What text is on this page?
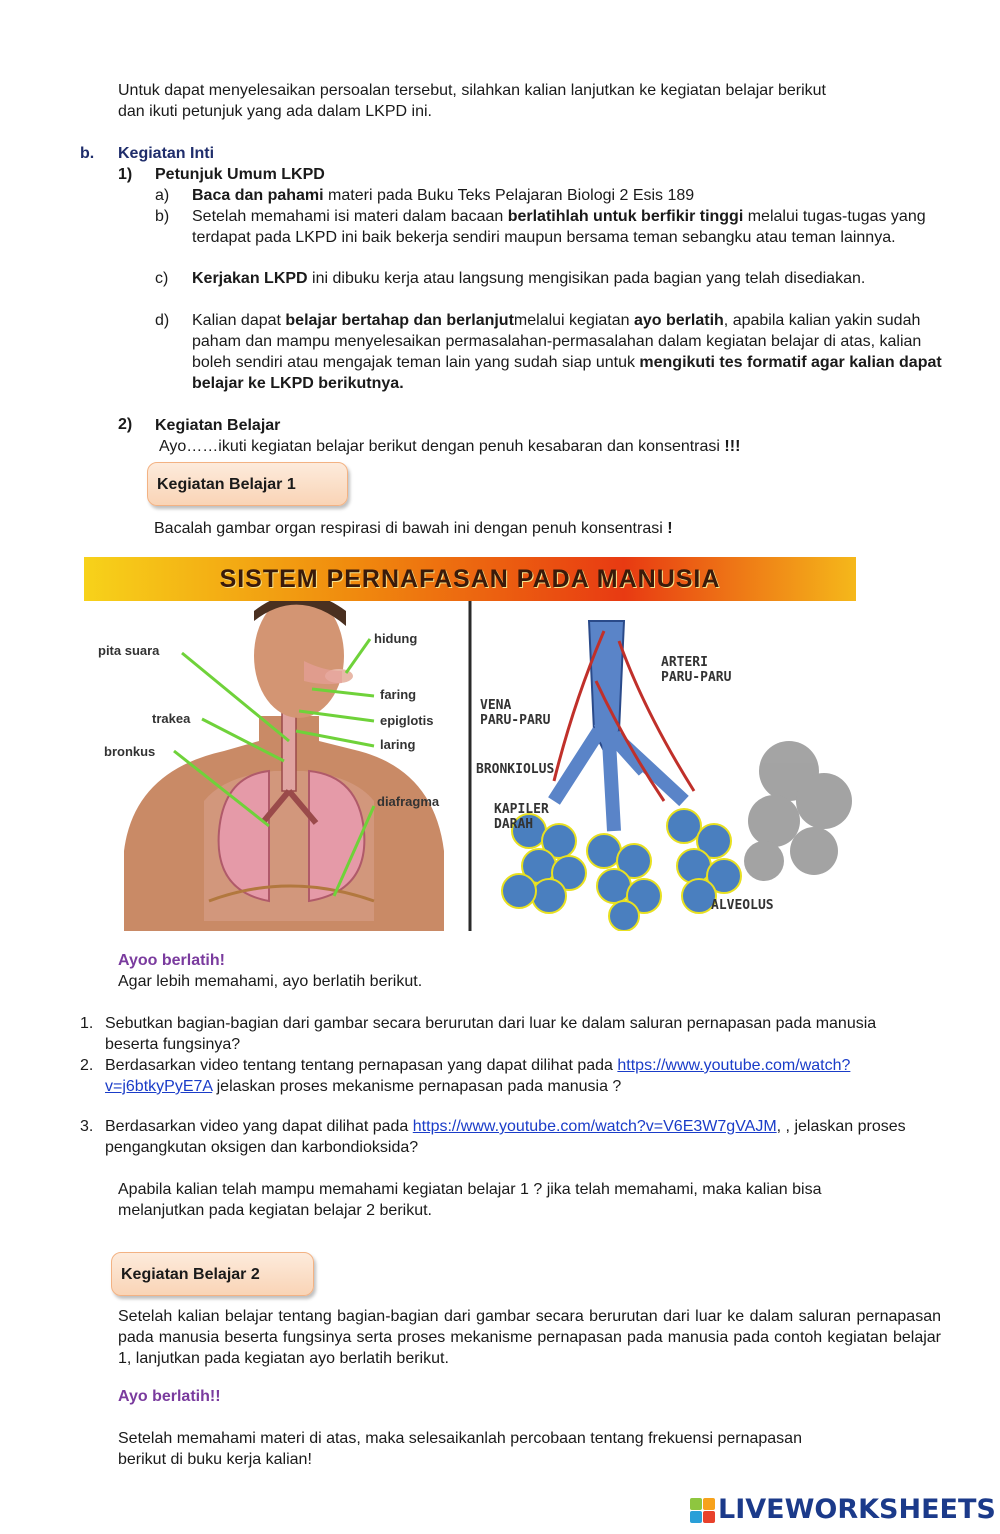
Untuk dapat menyelesaikan persoalan tersebut, silahkan kalian lanjutkan ke kegiatan belajar berikut
dan ikuti petunjuk yang ada dalam LKPD ini.

b. Kegiatan Inti
1) Petunjuk Umum LKPD
a) Baca dan pahami materi pada Buku Teks Pelajaran Biologi 2 Esis 189

b) Setelah memahami isi materi dalam bacaan berlatihlah untuk berfikir tinggi melalui tugas-tugas yang terdapat pada LKPD ini baik bekerja sendiri maupun bersama teman sebangku atau teman lainnya.

c) Kerjakan LKPD ini dibuku kerja atau langsung mengisikan pada bagian yang telah disediakan.

d) Kalian dapat belajar bertahap dan berlanjutmelalui kegiatan ayo berlatih, apabila kalian yakin sudah paham dan mampu menyelesaikan permasalahan-permasalahan dalam kegiatan belajar di atas, kalian boleh sendiri atau mengajak teman lain yang sudah siap untuk mengikuti tes formatif agar kalian dapat belajar ke LKPD berikutnya.

2) Kegiatan Belajar

Ayo……ikuti kegiatan belajar berikut dengan penuh kesabaran dan konsentrasi !!!

Kegiatan Belajar 1

Bacalah gambar organ respirasi di bawah ini dengan penuh konsentrasi !

SISTEM PERNAFASAN PADA MANUSIA
pita suara
hidung
faring
trakea	epiglotis
laring
bronkus
diafragma
ARTERI
PARU-PARU
VENA
PARU-PARU
BRONKIOLUS
KAPILER
DARAH
ALVEOLUS
Ayoo berlatih!
Agar lebih memahami, ayo berlatih berikut.
1. Sebutkan bagian-bagian dari gambar secara berurutan dari luar ke dalam saluran pernapasan pada manusia beserta fungsinya?

2. Berdasarkan video tentang tentang pernapasan yang dapat dilihat pada https://www.youtube.com/watch?v=j6btkyPyE7A jelaskan proses mekanisme pernapasan pada manusia ?

3. Berdasarkan video yang dapat dilihat pada https://www.youtube.com/watch?v=V6E3W7gVAJM, , jelaskan proses pengangkutan oksigen dan karbondioksida?

Apabila kalian telah mampu memahami kegiatan belajar 1 ? jika telah memahami, maka kalian bisa
melanjutkan pada kegiatan belajar 2 berikut.

Kegiatan Belajar 2

Setelah kalian belajar tentang bagian-bagian dari gambar secara berurutan dari luar ke dalam saluran pernapasan pada manusia beserta fungsinya serta proses mekanisme pernapasan pada manusia pada contoh kegiatan belajar 1, lanjutkan pada kegiatan ayo berlatih berikut.

Ayo berlatih!!

Setelah memahami materi di atas, maka selesaikanlah percobaan tentang frekuensi pernapasan
berikut di buku kerja kalian!

LIVEWORKSHEETS
